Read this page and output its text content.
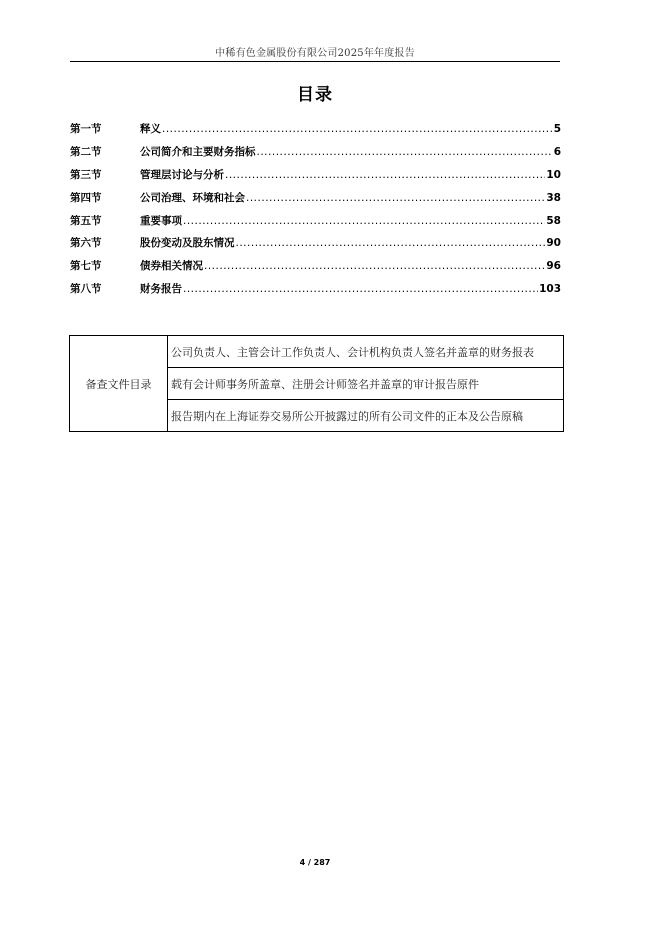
中稀有色金属股份有限公司2025年年度报告
目录
第一节	释义 .....	5
第二节	公司简介和主要财务指标 .....	6
第三节	管理层讨论与分析 .....	10
第四节	公司治理、环境和社会 .....	38
第五节	重要事项 .....	58
第六节	股份变动及股东情况 .....	90
第七节	债券相关情况 .....	96
第八节	财务报告 .....	103
备查文件目录	公司负责人、主管会计工作负责人、会计机构负责人签名并盖章的财务报表
载有会计师事务所盖章、注册会计师签名并盖章的审计报告原件
报告期内在上海证券交易所公开披露过的所有公司文件的正本及公告原稿
4 / 287
